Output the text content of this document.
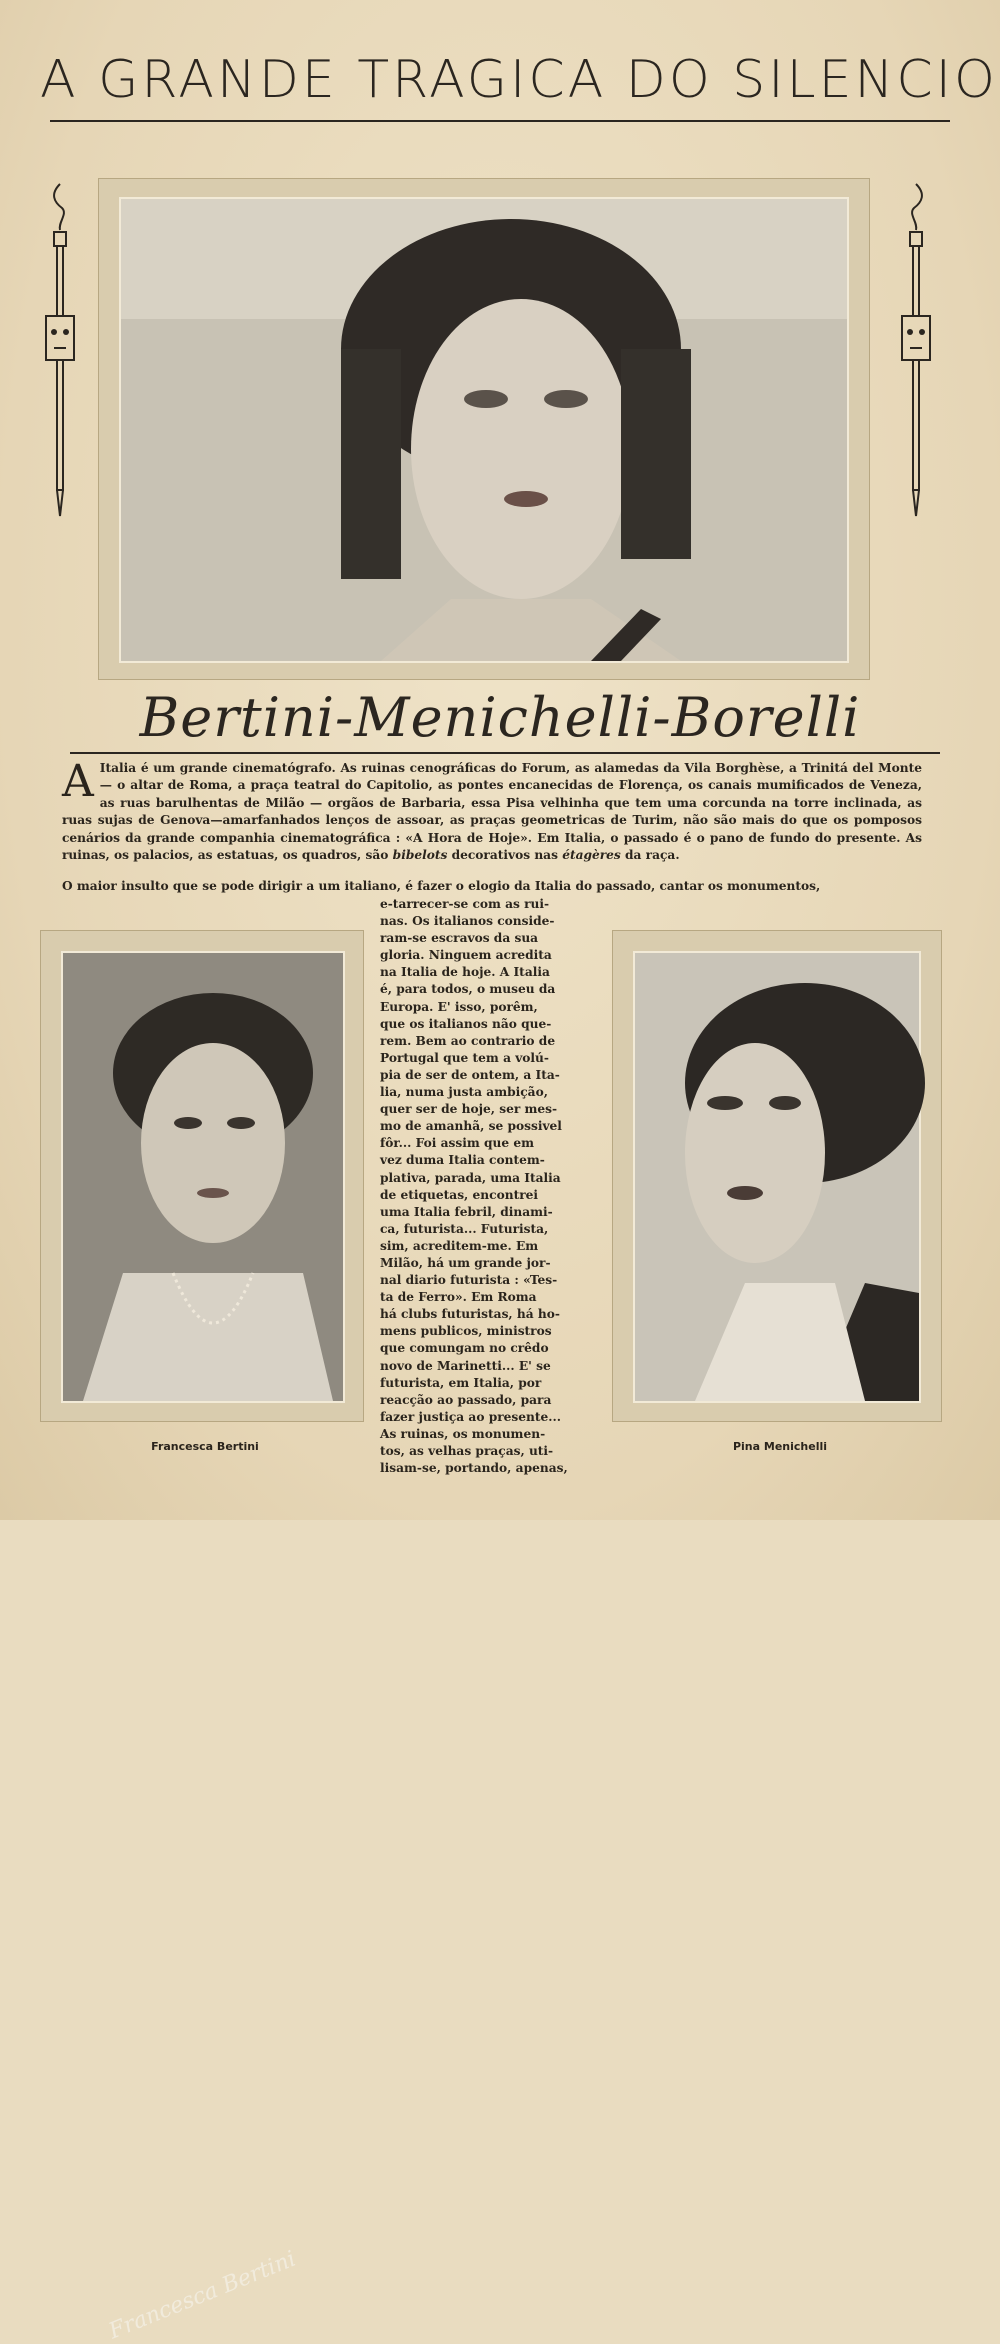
A GRANDE TRAGICA DO SILENCIO
Bertini-Menichelli-Borelli
A Italia é um grande cinematógrafo. As ruinas cenográficas do Forum, as alamedas da Vila Borghèse, a Trinitá del Monte — o altar de Roma, a praça teatral do Capitolio, as pontes encanecidas de Florença, os canais mumificados de Veneza, as ruas barulhentas de Milão — orgãos de Barbaria, essa Pisa velhinha que tem uma corcunda na torre inclinada, as ruas sujas de Genova—amarfanhados lenços de assoar, as praças geometricas de Turim, não são mais do que os pomposos cenários da grande companhia cinematográfica : «A Hora de Hoje». Em Italia, o passado é o pano de fundo do presente. As ruinas, os palacios, as estatuas, os quadros, são bibelots decorativos nas étagères da raça.
O maior insulto que se pode dirigir a um italiano, é fazer o elogio da Italia do passado, cantar os monumentos,
e-tarrecer-se com as rui-
nas. Os italianos conside-
ram-se escravos da sua
gloria. Ninguem acredita
na Italia de hoje. A Italia
é, para todos, o museu da
Europa. E' isso, porêm,
que os italianos não que-
rem. Bem ao contrario de
Portugal que tem a volú-
pia de ser de ontem, a Ita-
lia, numa justa ambição,
quer ser de hoje, ser mes-
mo de amanhã, se possivel
fôr... Foi assim que em
vez duma Italia contem-
plativa, parada, uma Italia
de etiquetas, encontrei
uma Italia febril, dinami-
ca, futurista... Futurista,
sim, acreditem-me. Em
Milão, há um grande jor-
nal diario futurista : «Tes-
ta de Ferro». Em Roma
há clubs futuristas, há ho-
mens publicos, ministros
que comungam no crêdo
novo de Marinetti... E' se
futurista, em Italia, por
reacção ao passado, para
fazer justiça ao presente...
As ruinas, os monumen-
tos, as velhas praças, uti-
lisam-se, portando, apenas,
Francesca Bertini
Francesca Bertini	Pina Menichelli
